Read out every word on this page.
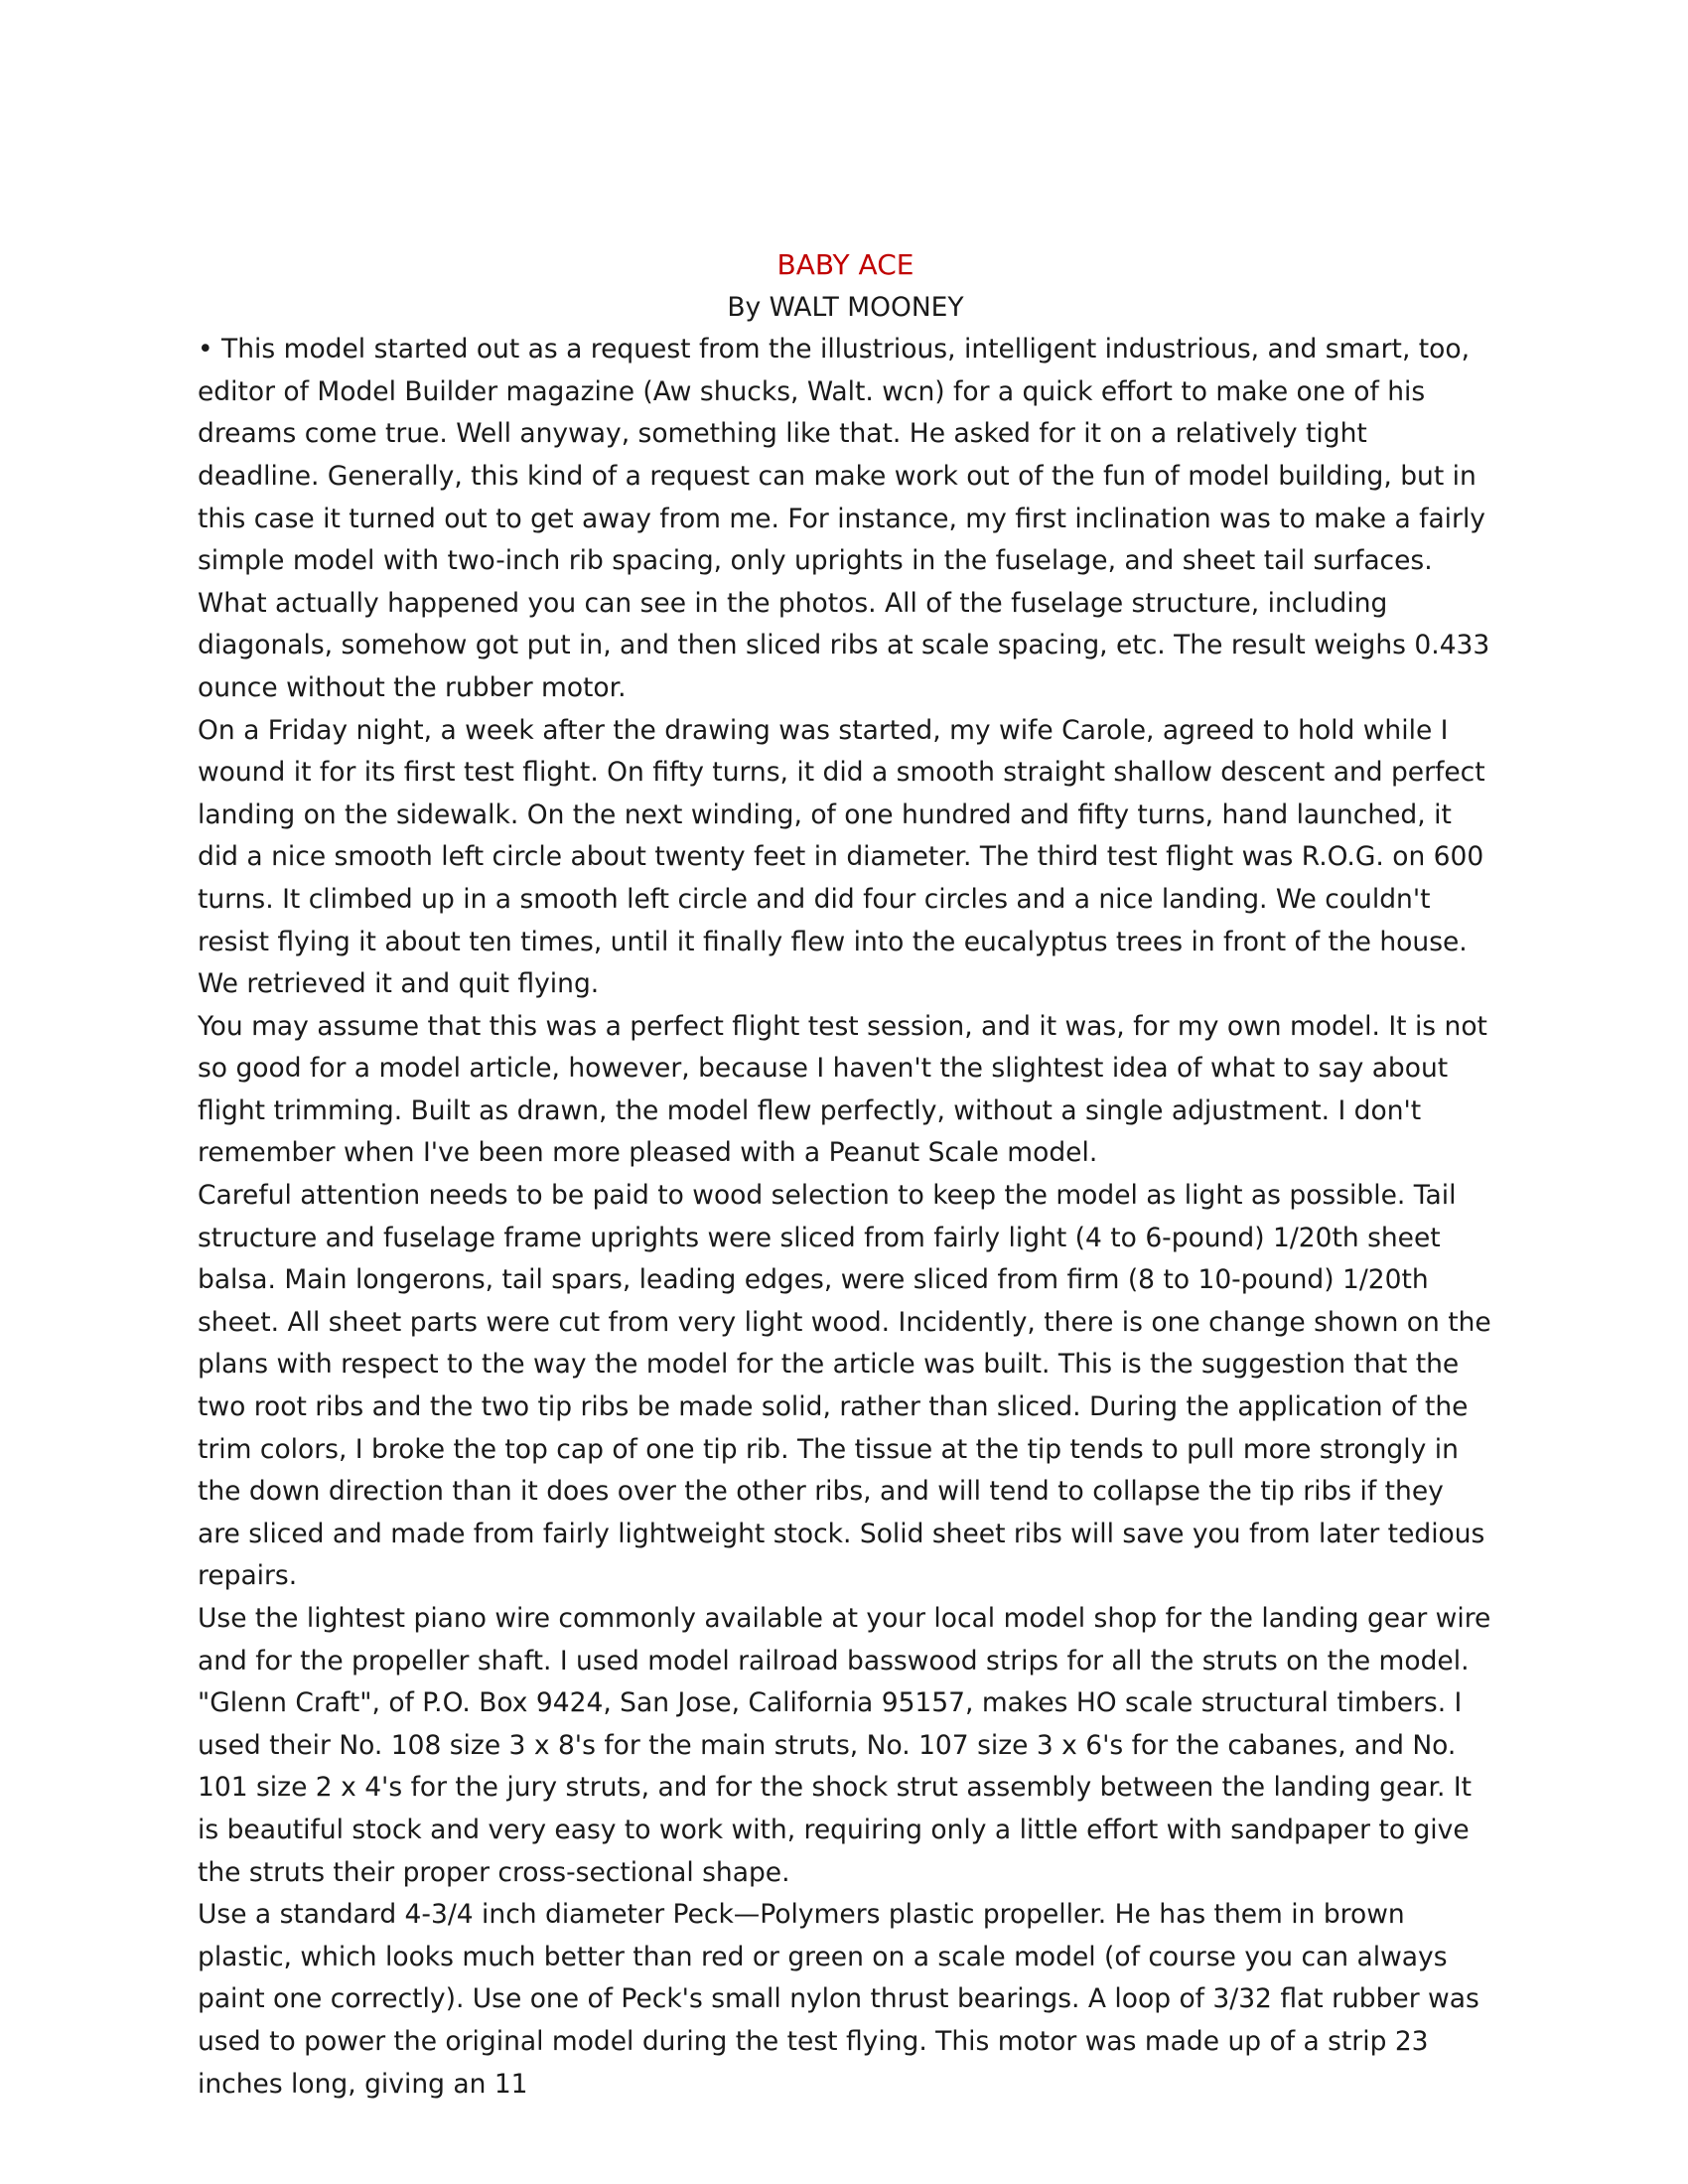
BABY ACE

By WALT MOONEY

• This model started out as a request from the illustrious, intelligent industrious, and smart, too, editor of Model Builder magazine (Aw shucks, Walt. wcn) for a quick effort to make one of his dreams come true. Well anyway, something like that. He asked for it on a relatively tight deadline. Generally, this kind of a request can make work out of the fun of model building, but in this case it turned out to get away from me. For instance, my first inclination was to make a fairly simple model with two-inch rib spacing, only uprights in the fuselage, and sheet tail surfaces. What actually happened you can see in the photos. All of the fuselage structure, including diagonals, somehow got put in, and then sliced ribs at scale spacing, etc. The result weighs 0.433 ounce without the rubber motor.

On a Friday night, a week after the drawing was started, my wife Carole, agreed to hold while I wound it for its first test flight. On fifty turns, it did a smooth straight shallow descent and perfect landing on the sidewalk. On the next winding, of one hundred and fifty turns, hand launched, it did a nice smooth left circle about twenty feet in diameter. The third test flight was R.O.G. on 600 turns. It climbed up in a smooth left circle and did four circles and a nice landing. We couldn't resist flying it about ten times, until it finally flew into the eucalyptus trees in front of the house. We retrieved it and quit flying.

You may assume that this was a perfect flight test session, and it was, for my own model. It is not so good for a model article, however, because I haven't the slightest idea of what to say about flight trimming. Built as drawn, the model flew perfectly, without a single adjustment. I don't remember when I've been more pleased with a Peanut Scale model.

Careful attention needs to be paid to wood selection to keep the model as light as possible. Tail structure and fuselage frame uprights were sliced from fairly light (4 to 6-pound) 1/20th sheet balsa. Main longerons, tail spars, leading edges, were sliced from firm (8 to 10-pound) 1/20th sheet. All sheet parts were cut from very light wood. Incidently, there is one change shown on the plans with respect to the way the model for the article was built. This is the suggestion that the two root ribs and the two tip ribs be made solid, rather than sliced. During the application of the trim colors, I broke the top cap of one tip rib. The tissue at the tip tends to pull more strongly in the down direction than it does over the other ribs, and will tend to collapse the tip ribs if they are sliced and made from fairly lightweight stock. Solid sheet ribs will save you from later tedious repairs.

Use the lightest piano wire commonly available at your local model shop for the landing gear wire and for the propeller shaft. I used model railroad basswood strips for all the struts on the model. "Glenn Craft", of P.O. Box 9424, San Jose, California 95157, makes HO scale structural timbers. I used their No. 108 size 3 x 8's for the main struts, No. 107 size 3 x 6's for the cabanes, and No. 101 size 2 x 4's for the jury struts, and for the shock strut assembly between the landing gear. It is beautiful stock and very easy to work with, requiring only a little effort with sandpaper to give the struts their proper cross-sectional shape.

Use a standard 4-3/4 inch diameter Peck—Polymers plastic propeller. He has them in brown plastic, which looks much better than red or green on a scale model (of course you can always paint one correctly). Use one of Peck's small nylon thrust bearings. A loop of 3/32 flat rubber was used to power the original model during the test flying. This motor was made up of a strip 23 inches long, giving an 11
